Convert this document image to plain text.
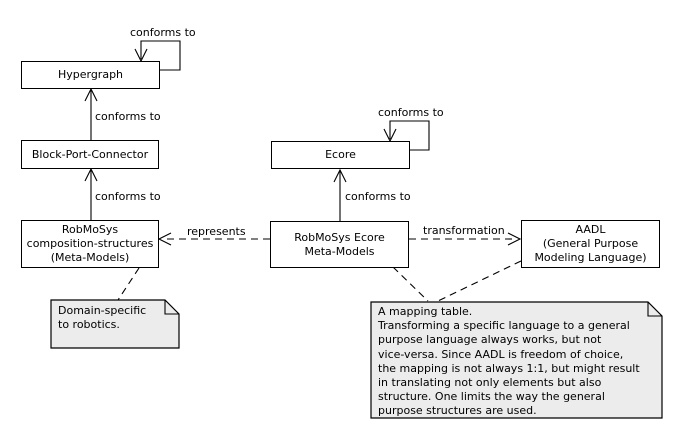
Hypergraph
Block-Port-Connector
RobMoSys
composition-structures
(Meta-Models)
Ecore
RobMoSys Ecore
Meta-Models
AADL
(General Purpose
Modeling Language)
conforms to
conforms to
conforms to
conforms to
conforms to
represents	transformation
Domain-specific
to robotics.
A mapping table.
Transforming a specific language to a general
purpose language always works, but not
vice-versa. Since AADL is freedom of choice,
the mapping is not always 1:1, but might result
in translating not only elements but also
structure. One limits the way the general
purpose structures are used.
